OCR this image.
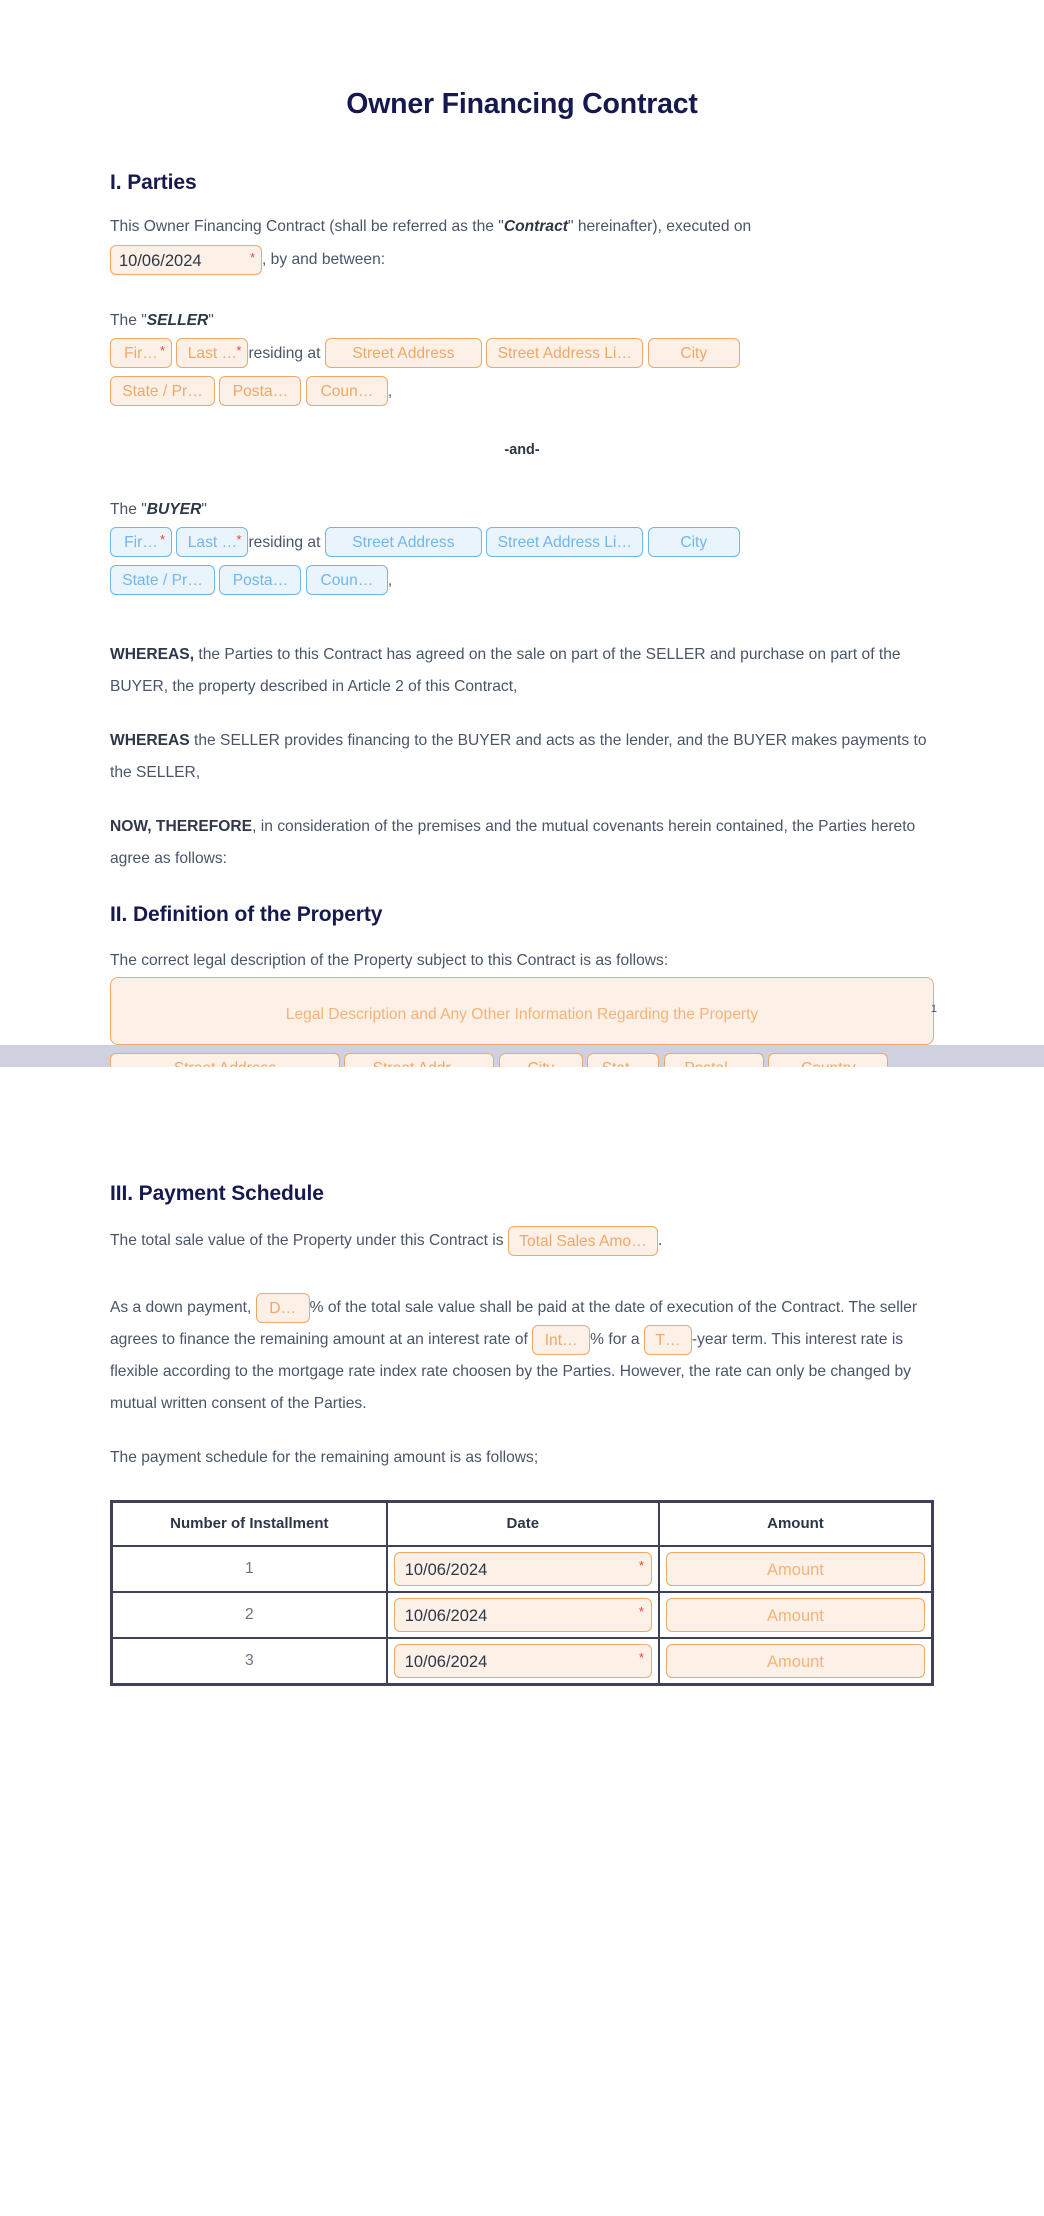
Owner Financing Contract
I. Parties

This Owner Financing Contract (shall be referred as the "Contract" hereinafter), executed on

10/06/2024	* , by and between:

The "SELLER"

Fir… * Last … * residing at Street Address	Street Address Li…	City
State / Pr… Posta… Coun… ,

-and-

The "BUYER"

Fir… * Last … * residing at Street Address	Street Address Li…	City
State / Pr… Posta… Coun… ,

WHEREAS, the Parties to this Contract has agreed on the sale on part of the SELLER and purchase on part of the BUYER, the property described in Article 2 of this Contract,

WHEREAS the SELLER provides financing to the BUYER and acts as the lender, and the BUYER makes payments to the SELLER,

NOW, THEREFORE, in consideration of the premises and the mutual covenants herein contained, the Parties hereto agree as follows:

II. Definition of the Property

The correct legal description of the Property subject to this Contract is as follows:

Legal Description and Any Other Information Regarding the Property
	1
III. Payment Schedule
The total sale value of the Property under this Contract is Total Sales Amo… .

As a down payment, D… % of the total sale value shall be paid at the date of execution of the Contract. The seller agrees to finance the remaining amount at an interest rate of Int… % for a T… -year term. This interest rate is flexible according to the mortgage rate index rate choosen by the Parties. However, the rate can only be changed by mutual written consent of the Parties.

The payment schedule for the remaining amount is as follows;

Number of Installment	Date	Amount
1	10/06/2024 *	Amount

2	10/06/2024 *	Amount

3	10/06/2024 *	Amount
